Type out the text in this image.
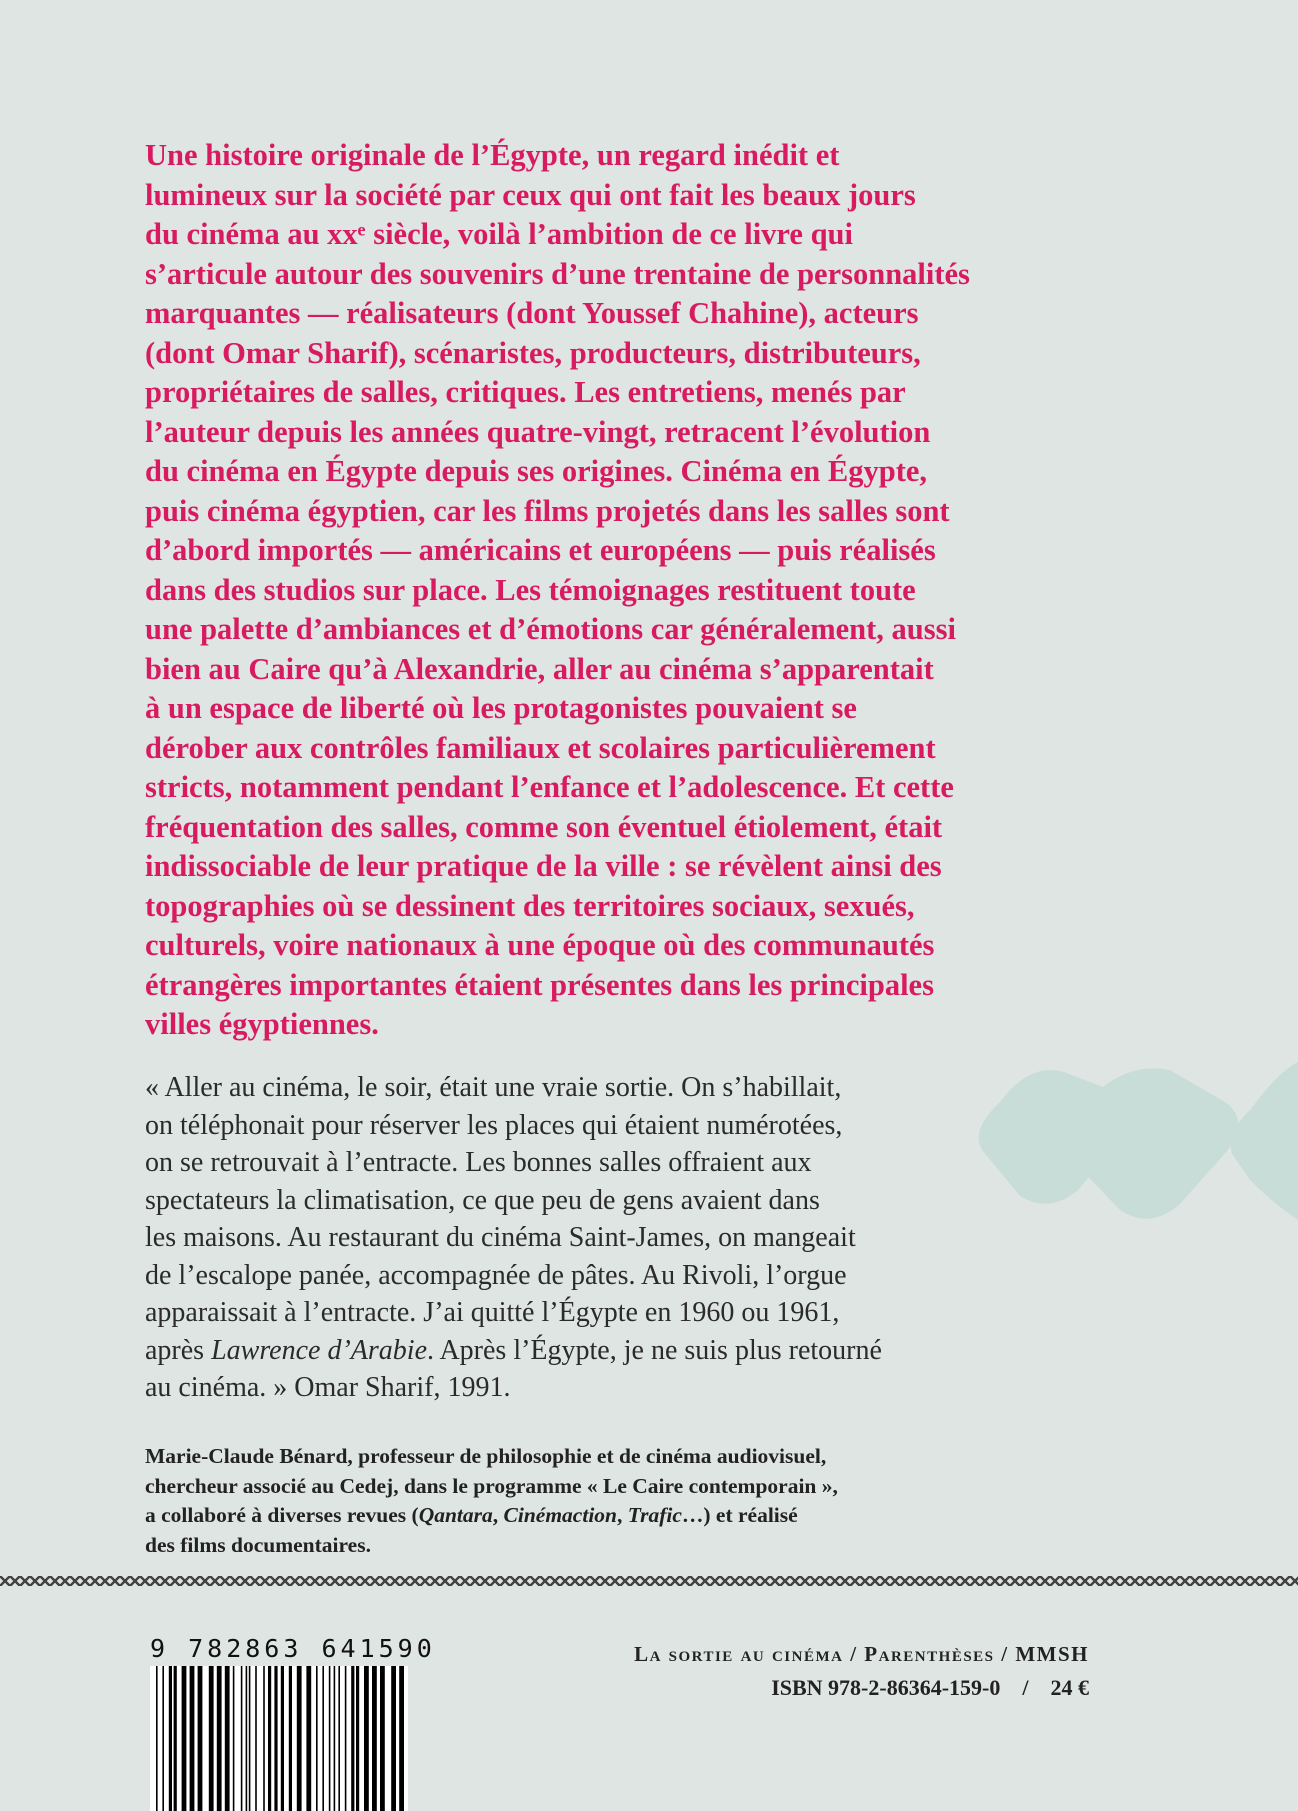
Une histoire originale de l’Égypte, un regard inédit et
lumineux sur la société par ceux qui ont fait les beaux jours
du cinéma au xxᵉ siècle, voilà l’ambition de ce livre qui
s’articule autour des souvenirs d’une trentaine de personnalités
marquantes — réalisateurs (dont Youssef Chahine), acteurs
(dont Omar Sharif), scénaristes, producteurs, distributeurs,
propriétaires de salles, critiques. Les entretiens, menés par
l’auteur depuis les années quatre-vingt, retracent l’évolution
du cinéma en Égypte depuis ses origines. Cinéma en Égypte,
puis cinéma égyptien, car les films projetés dans les salles sont
d’abord importés — américains et européens — puis réalisés
dans des studios sur place. Les témoignages restituent toute
une palette d’ambiances et d’émotions car généralement, aussi
bien au Caire qu’à Alexandrie, aller au cinéma s’apparentait
à un espace de liberté où les protagonistes pouvaient se
dérober aux contrôles familiaux et scolaires particulièrement
stricts, notamment pendant l’enfance et l’adolescence. Et cette
fréquentation des salles, comme son éventuel étiolement, était
indissociable de leur pratique de la ville : se révèlent ainsi des
topographies où se dessinent des territoires sociaux, sexués,
culturels, voire nationaux à une époque où des communautés
étrangères importantes étaient présentes dans les principales
villes égyptiennes.
« Aller au cinéma, le soir, était une vraie sortie. On s’habillait,
on téléphonait pour réserver les places qui étaient numérotées,
on se retrouvait à l’entracte. Les bonnes salles offraient aux
spectateurs la climatisation, ce que peu de gens avaient dans
les maisons. Au restaurant du cinéma Saint-James, on mangeait
de l’escalope panée, accompagnée de pâtes. Au Rivoli, l’orgue
apparaissait à l’entracte. J’ai quitté l’Égypte en 1960 ou 1961,
après Lawrence d’Arabie. Après l’Égypte, je ne suis plus retourné
au cinéma. » Omar Sharif, 1991.
Marie-Claude Bénard, professeur de philosophie et de cinéma audiovisuel,
chercheur associé au Cedej, dans le programme « Le Caire contemporain »,
a collaboré à diverses revues (Qantara, Cinémaction, Trafic…) et réalisé
des films documentaires.
9 782863 641590	La sortie au cinéma / Parenthèses / MMSH
ISBN 978-2-86364-159-0 / 24 €
